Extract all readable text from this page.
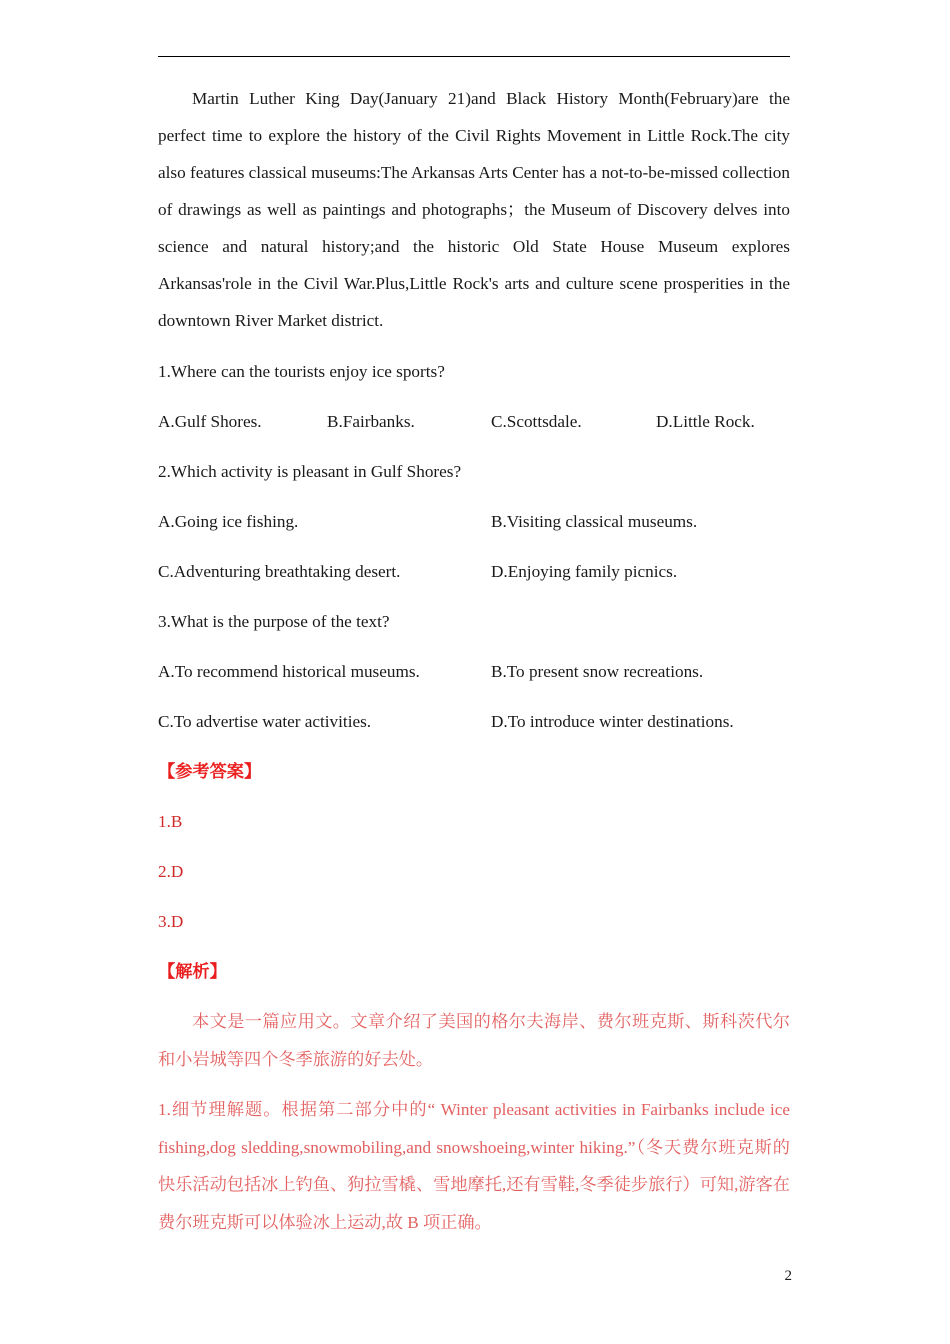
Martin Luther King Day(January 21)and Black History Month(February)are the perfect time to explore the history of the Civil Rights Movement in Little Rock.The city also features classical museums:The Arkansas Arts Center has a not-to-be-missed collection of drawings as well as paintings and photographs；the Museum of Discovery delves into science and natural history;and the historic Old State House Museum explores Arkansas'role in the Civil War.Plus,Little Rock's arts and culture scene prosperities in the downtown River Market district.

1.Where can the tourists enjoy ice sports?

A.Gulf Shores.	B.Fairbanks.	C.Scottsdale.	D.Little Rock.

2.Which activity is pleasant in Gulf Shores?

A.Going ice fishing.	B.Visiting classical museums.
C.Adventuring breathtaking desert.	D.Enjoying family picnics.

3.What is the purpose of the text?

A.To recommend historical museums.	B.To present snow recreations.
C.To advertise water activities.	D.To introduce winter destinations.

【参考答案】

1.B

2.D

3.D

【解析】

本文是一篇应用文。文章介绍了美国的格尔夫海岸、费尔班克斯、斯科茨代尔和小岩城等四个冬季旅游的好去处。

1.细节理解题。根据第二部分中的“ Winter pleasant activities in Fairbanks include ice fishing,dog sledding,snowmobiling,and snowshoeing,winter hiking.”（冬天费尔班克斯的快乐活动包括冰上钓鱼、狗拉雪橇、雪地摩托,还有雪鞋,冬季徒步旅行）可知,游客在费尔班克斯可以体验冰上运动,故 B 项正确。

2
